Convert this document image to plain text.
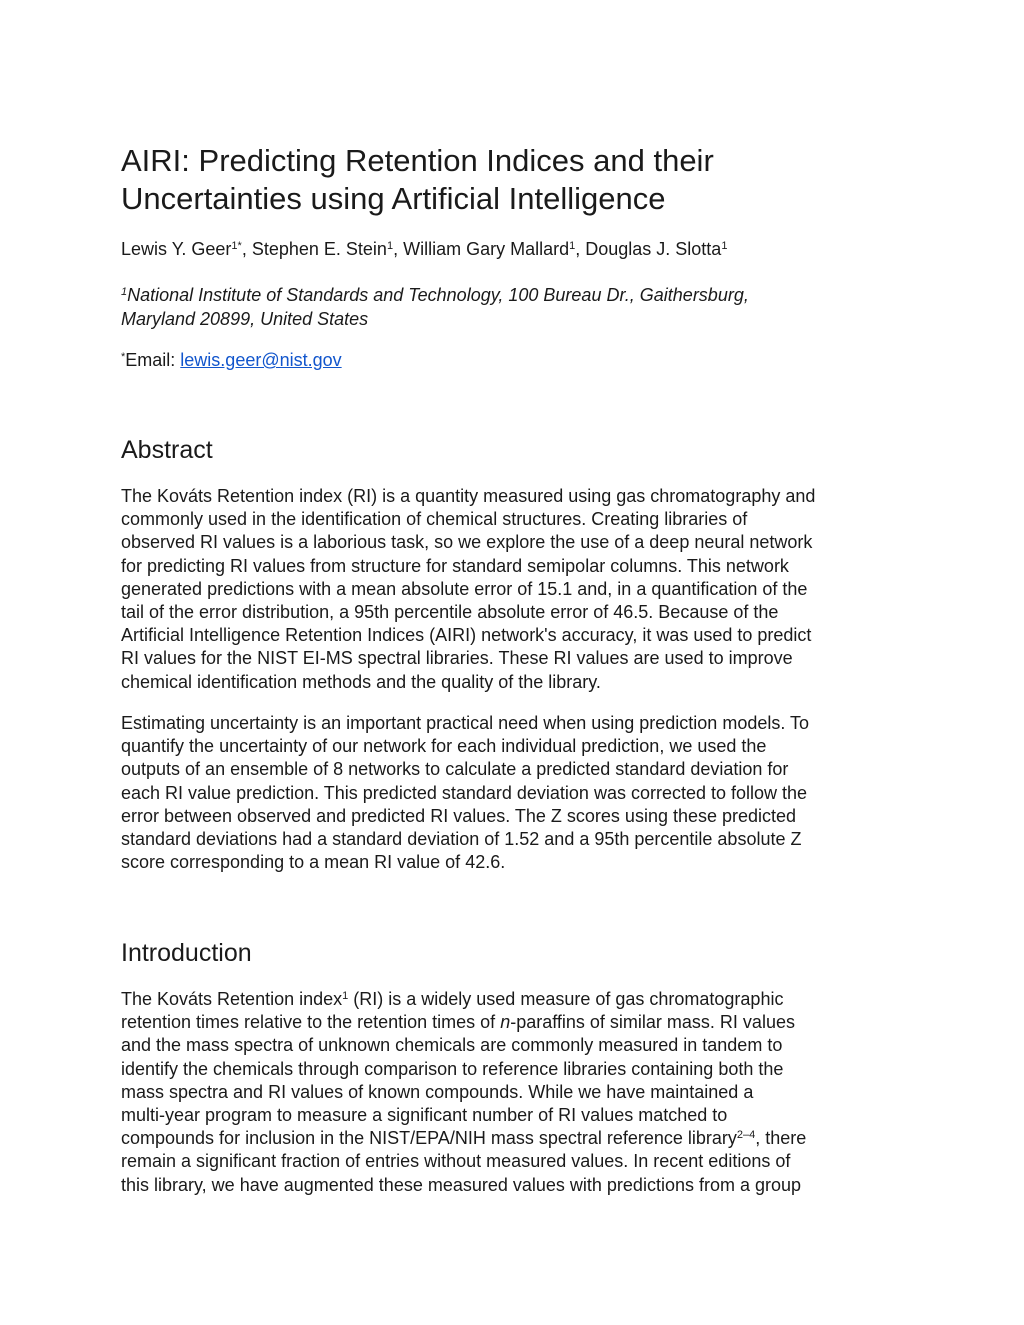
AIRI: Predicting Retention Indices and their
Uncertainties using Artificial Intelligence
Lewis Y. Geer$^{1*}$, Stephen E. Stein$^1$, William Gary Mallard$^1$, Douglas J. Slotta$^1$
$^1$National Institute of Standards and Technology, 100 Bureau Dr., Gaithersburg,
Maryland 20899, United States
*Email: lewis.geer@nist.gov
Abstract
The Kováts Retention index (RI) is a quantity measured using gas chromatography and
commonly used in the identification of chemical structures. Creating libraries of
observed RI values is a laborious task, so we explore the use of a deep neural network
for predicting RI values from structure for standard semipolar columns. This network
generated predictions with a mean absolute error of 15.1 and, in a quantification of the
tail of the error distribution, a 95th percentile absolute error of 46.5. Because of the
Artificial Intelligence Retention Indices (AIRI) network's accuracy, it was used to predict
RI values for the NIST EI-MS spectral libraries. These RI values are used to improve
chemical identification methods and the quality of the library.
Estimating uncertainty is an important practical need when using prediction models. To
quantify the uncertainty of our network for each individual prediction, we used the
outputs of an ensemble of 8 networks to calculate a predicted standard deviation for
each RI value prediction. This predicted standard deviation was corrected to follow the
error between observed and predicted RI values. The Z scores using these predicted
standard deviations had a standard deviation of 1.52 and a 95th percentile absolute Z
score corresponding to a mean RI value of 42.6.
Introduction
The Kováts Retention index$^1$ (RI) is a widely used measure of gas chromatographic
retention times relative to the retention times of n-paraffins of similar mass. RI values
and the mass spectra of unknown chemicals are commonly measured in tandem to
identify the chemicals through comparison to reference libraries containing both the
mass spectra and RI values of known compounds. While we have maintained a
multi-year program to measure a significant number of RI values matched to
compounds for inclusion in the NIST/EPA/NIH mass spectral reference library$^{2-4}$, there
remain a significant fraction of entries without measured values. In recent editions of
this library, we have augmented these measured values with predictions from a group
